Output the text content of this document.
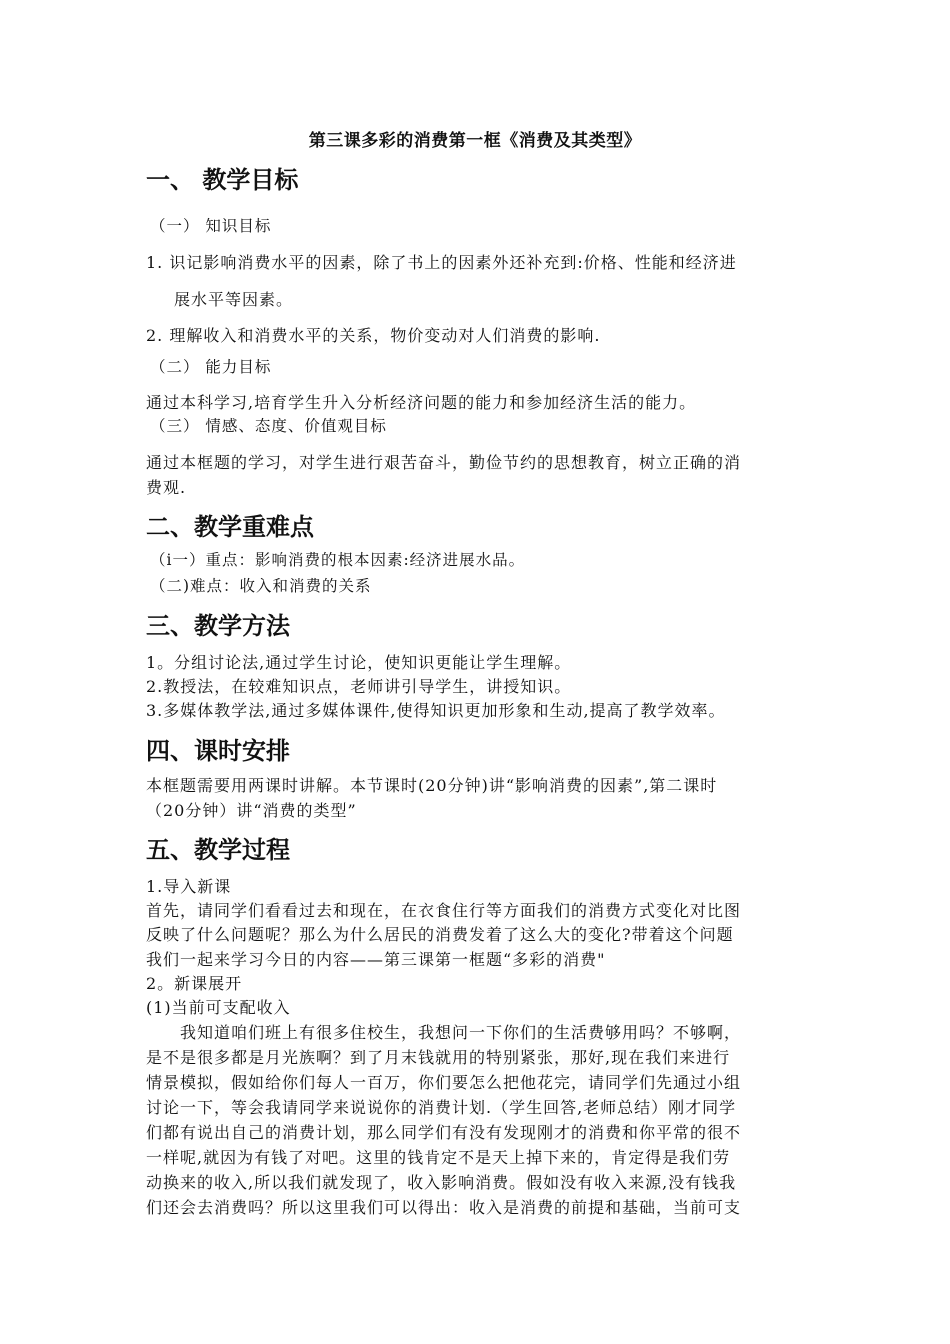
第三课多彩的消费第一框《消费及其类型》
一、 教学目标
（一） 知识目标
1. 识记影响消费水平的因素，除了书上的因素外还补充到:价格、性能和经济进
展水平等因素。
2. 理解收入和消费水平的关系，物价变动对人们消费的影响.
（二） 能力目标
通过本科学习,培育学生升入分析经济问题的能力和参加经济生活的能力。
（三） 情感、态度、价值观目标
通过本框题的学习，对学生进行艰苦奋斗，勤俭节约的思想教育，树立正确的消
费观.
二、教学重难点
（i一）重点：影响消费的根本因素:经济进展水品。
（二)难点：收入和消费的关系
三、教学方法
1。分组讨论法,通过学生讨论，使知识更能让学生理解。
2.教授法，在较难知识点，老师讲引导学生，讲授知识。
3.多媒体教学法,通过多媒体课件,使得知识更加形象和生动,提高了教学效率。
四、课时安排
本框题需要用两课时讲解。本节课时(20分钟)讲“影响消费的因素”,第二课时
（20分钟）讲“消费的类型”
五、教学过程
1.导入新课
首先，请同学们看看过去和现在，在衣食住行等方面我们的消费方式变化对比图
反映了什么问题呢？那么为什么居民的消费发着了这么大的变化?带着这个问题
我们一起来学习今日的内容——第三课第一框题“多彩的消费"
2。新课展开
(1)当前可支配收入
我知道咱们班上有很多住校生，我想问一下你们的生活费够用吗？不够啊，
是不是很多都是月光族啊？到了月末钱就用的特别紧张，那好,现在我们来进行
情景模拟，假如给你们每人一百万，你们要怎么把他花完，请同学们先通过小组
讨论一下，等会我请同学来说说你的消费计划.（学生回答,老师总结）刚才同学
们都有说出自己的消费计划，那么同学们有没有发现刚才的消费和你平常的很不
一样呢,就因为有钱了对吧。这里的钱肯定不是天上掉下来的，肯定得是我们劳
动换来的收入,所以我们就发现了，收入影响消费。假如没有收入来源,没有钱我
们还会去消费吗？所以这里我们可以得出：收入是消费的前提和基础，当前可支
